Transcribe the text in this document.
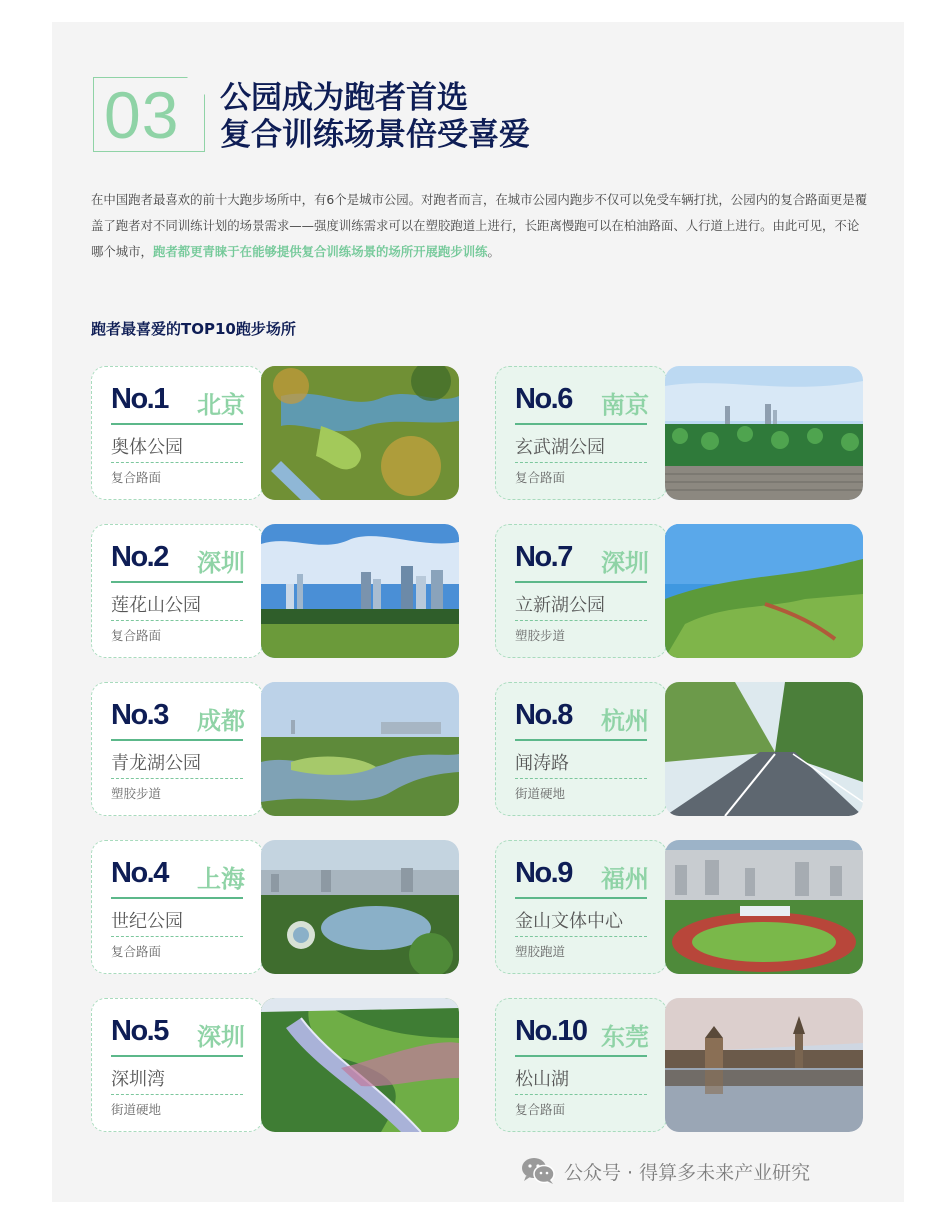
03 公园成为跑者首选
复合训练场景倍受喜爱
在中国跑者最喜欢的前十大跑步场所中，有6个是城市公园。对跑者而言，在城市公园内跑步不仅可以免受车辆打扰，公园内的复合路面更是覆盖了跑者对不同训练计划的场景需求——强度训练需求可以在塑胶跑道上进行，长距离慢跑可以在柏油路面、人行道上进行。由此可见，不论哪个城市，跑者都更青睐于在能够提供复合训练场景的场所开展跑步训练。
跑者最喜爱的TOP10跑步场所
No.1 北京
奥体公园
复合路面
No.2 深圳
莲花山公园
复合路面
No.3 成都
青龙湖公园
塑胶步道
No.4 上海
世纪公园
复合路面
No.5 深圳
深圳湾
街道硬地
No.6 南京
玄武湖公园
复合路面
No.7 深圳
立新湖公园
塑胶步道
No.8 杭州
闻涛路
街道硬地
No.9 福州
金山文体中心
塑胶跑道
No.10 东莞
松山湖
复合路面
公众号 · 得算多未来产业研究
